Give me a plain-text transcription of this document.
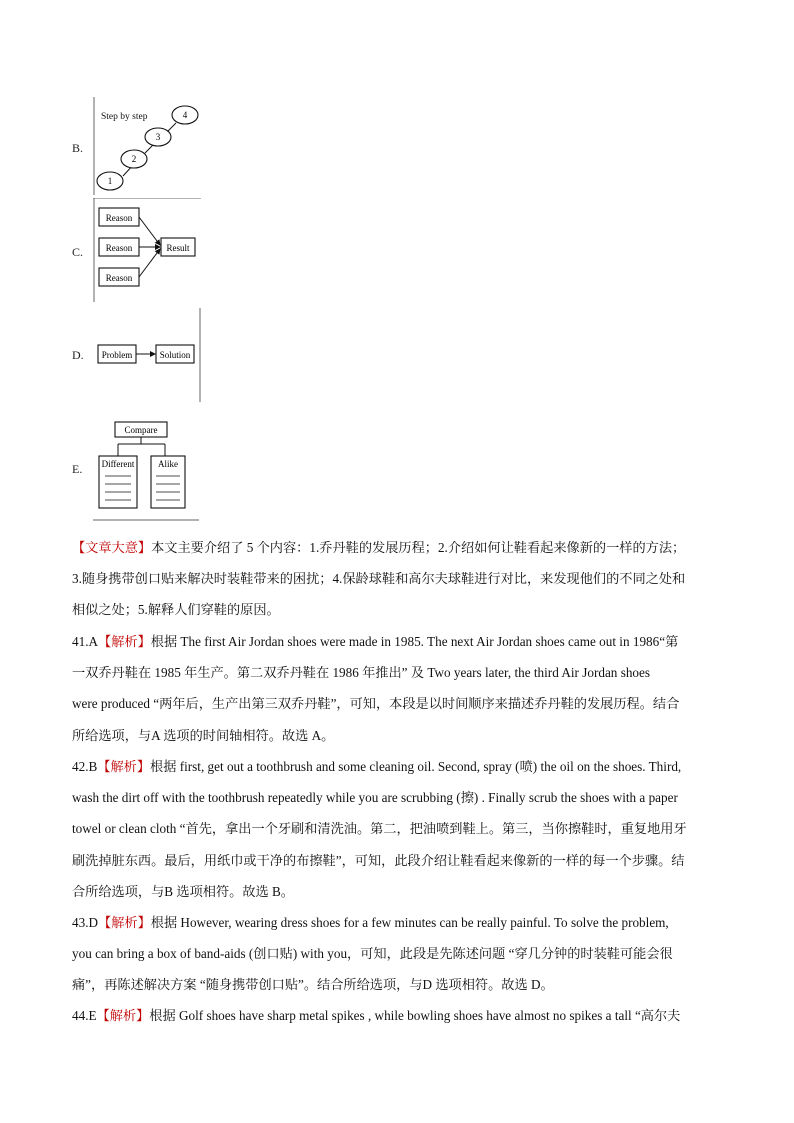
B.
Step by step
1
2
3
4
C.
Reason
Reason
Reason
Result
D. Problem	Solution
E.
Compare
Different	Alike
【文章大意】本文主要介绍了 5 个内容：1.乔丹鞋的发展历程；2.介绍如何让鞋看起来像新的一样的方法；
3.随身携带创口贴来解决时装鞋带来的困扰；4.保龄球鞋和高尔夫球鞋进行对比，来发现他们的不同之处和
相似之处；5.解释人们穿鞋的原因。
41.A【解析】根据 The first Air Jordan shoes were made in 1985. The next Air Jordan shoes came out in 1986“第
一双乔丹鞋在 1985 年生产。第二双乔丹鞋在 1986 年推出” 及 Two years later, the third Air Jordan shoes
were produced “两年后，生产出第三双乔丹鞋”，可知，本段是以时间顺序来描述乔丹鞋的发展历程。结合
所给选项，与A 选项的时间轴相符。故选 A。
42.B【解析】根据 first, get out a toothbrush and some cleaning oil. Second, spray (喷) the oil on the shoes. Third,
wash the dirt off with the toothbrush repeatedly while you are scrubbing (擦) . Finally scrub the shoes with a paper
towel or clean cloth “首先，拿出一个牙刷和清洗油。第二，把油喷到鞋上。第三，当你擦鞋时，重复地用牙
刷洗掉脏东西。最后，用纸巾或干净的布擦鞋”，可知，此段介绍让鞋看起来像新的一样的每一个步骤。结
合所给选项，与B 选项相符。故选 B。
43.D【解析】根据 However, wearing dress shoes for a few minutes can be really painful. To solve the problem,
you can bring a box of band-aids (创口贴) with you，可知，此段是先陈述问题 “穿几分钟的时装鞋可能会很
痛”，再陈述解决方案 “随身携带创口贴”。结合所给选项，与D 选项相符。故选 D。
44.E【解析】根据 Golf shoes have sharp metal spikes , while bowling shoes have almost no spikes a tall “高尔夫
